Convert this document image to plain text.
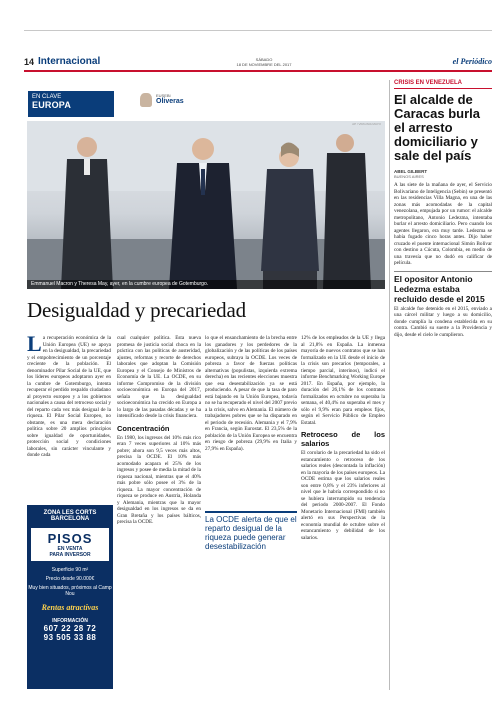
14 Internacional	SÁBADO
18 DE NOVIEMBRE DEL 2017	el Periódico
EN CLAVE
EUROPA
EUSEBI
Oliveras
AP / VIRGINIA MAYO
Emmanuel Macron y Theresa May, ayer, en la cumbre europea de Gotemburgo.
Desigualdad y precariedad

La recuperación económica de la Unión Europea (UE) se apoya en la desigualdad, la precariedad y el empobrecimiento de un porcentaje creciente de la población. El denominador Pilar Social de la UE, que los líderes europeos adoptaron ayer en la cumbre de Gotemburgo, intenta recuperar el perdido respaldo ciudadano al proyecto europeo y a los gobiernos nacionales a causa del retroceso social y del reparto cada vez más desigual de la riqueza. El Pilar Social Europeo, no obstante, es una mera declaración política sobre 20 amplios principios sobre igualdad de oportunidades, protección social y condiciones laborales, sin carácter vinculante y donde cada

ZONA LES CORTS
BARCELONA
PISOS
EN VENTA
PARA INVERSOR
Superficie 90 m²
Precio desde 90.000€
Muy bien situados, próximos al Camp Nou
Rentas atractivas
INFORMACIÓN
607 22 28 72
93 505 33 88

cual cualquier política. Esta nueva promesa de justicia social choca en la práctica con las políticas de austeridad, ajustes, reformas y recorte de derechos laborales que adoptan la Comisión Europea y el Consejo de Ministros de Economía de la UE. La OCDE, en su informe Compromiso de la división socioeconómica en Europa del 2017, señala que la desigualdad socioeconómica ha crecido en Europa a lo largo de las pasadas décadas y se ha intensificado desde la crisis financiera.

Concentración

En 1980, los ingresos del 10% más rico eran 7 veces superiores al 10% más pobre; ahora son 9,5 veces más altos, precisa la OCDE. El 10% más acomodado acapara el 25% de los ingresos y posee de media la mitad de la riqueza nacional, mientras que el 40% más pobre sólo posee el 3% de la riqueza. La mayor concentración de riqueza se produce en Austria, Holanda y Alemania, mientras que la mayor desigualdad en los ingresos se da en Gran Bretaña y los países bálticos, precisa la OCDE.

lo que el ensanchamiento de la brecha entre los ganadores y los perdedores de la globalización y de las políticas de los países europeos, subraya la OCDE. Los veces de pobreza a favor de fuerzas políticas alternativas (populistas, izquierda extrema derecha) en las recientes elecciones muestra que esa desestabilización ya se está produciendo. A pesar de que la tasa de paro está bajando en la Unión Europea, todavía no se ha recuperado el nivel del 2007 previo a la crisis, salvo en Alemania. El número de trabajadores pobres que se ha disparado en el periodo de recesión. Alemania y el 7,9% en Francia, según Eurostat. El 23,5% de la población de la Unión Europea se encuentra en riesgo de pobreza (29,9% en Italia y 27,9% en España).

La OCDE alerta de que el reparto desigual de la riqueza puede generar desestabilización

12% de los empleados de la UE y llega al 21,8% en España. La inmensa mayoría de nuevos contratos que se han formalizado en la UE desde el inicio de la crisis son precarios (temporales, a tiempo parcial, interinos), indicó el informe Benchmarking Working Europe 2017. En España, por ejemplo, la duración del 26,1% de los contratos formalizados en octubre no superaba la semana, el 40,4% no superaba el mes y sólo el 9,9% eran para empleos fijos, según el Servicio Público de Empleo Estatal.

Retroceso de los salarios

El corolario de la precariedad ha sido el estancamiento o retroceso de los salarios reales (descontada la inflación) en la mayoría de los países europeos. La OCDE estima que los salarios reales son entre 0,8% y el 23% inferiores al nivel que le habría correspondido si no se hubiera interrumpido su tendencia del periodo 2000-2007. El Fondo Monetario Internacional (FMI) también alertó en sus Perspectivas de la economía mundial de octubre sobre el estancamiento y debilidad de los salarios.

CRISIS EN VENEZUELA
El alcalde de Caracas burla el arresto domiciliario y sale del país
ABEL GILBERT
BUENOS AIRES
A las siete de la mañana de ayer, el Servicio Bolivariano de Inteligencia (Sebin) se presentó en las residencias Villa Magna, en una de las zonas más acomodadas de la capital venezolana, empujada por un rumor: el alcalde metropolitano, Antonio Ledezma, intentaba burlar el arresto domiciliario. Pero cuando los agentes llegaron, era muy tarde. Ledezma se había fugado cinco horas antes. Dijo haber cruzado el puente internacional Simón Bolívar con destino a Cúcuta, Colombia, en medio de una travesía que no dudó en calificar de película.
El opositor Antonio Ledezma estaba recluido desde el 2015
El alcalde fue detenido en el 2015, enviado a una cárcel militar y luego a su domicilio, donde cumplía la condena establecida en su contra. Cambió su suerte a la Providencia y dijo, desde el cielo le cumplieron.
